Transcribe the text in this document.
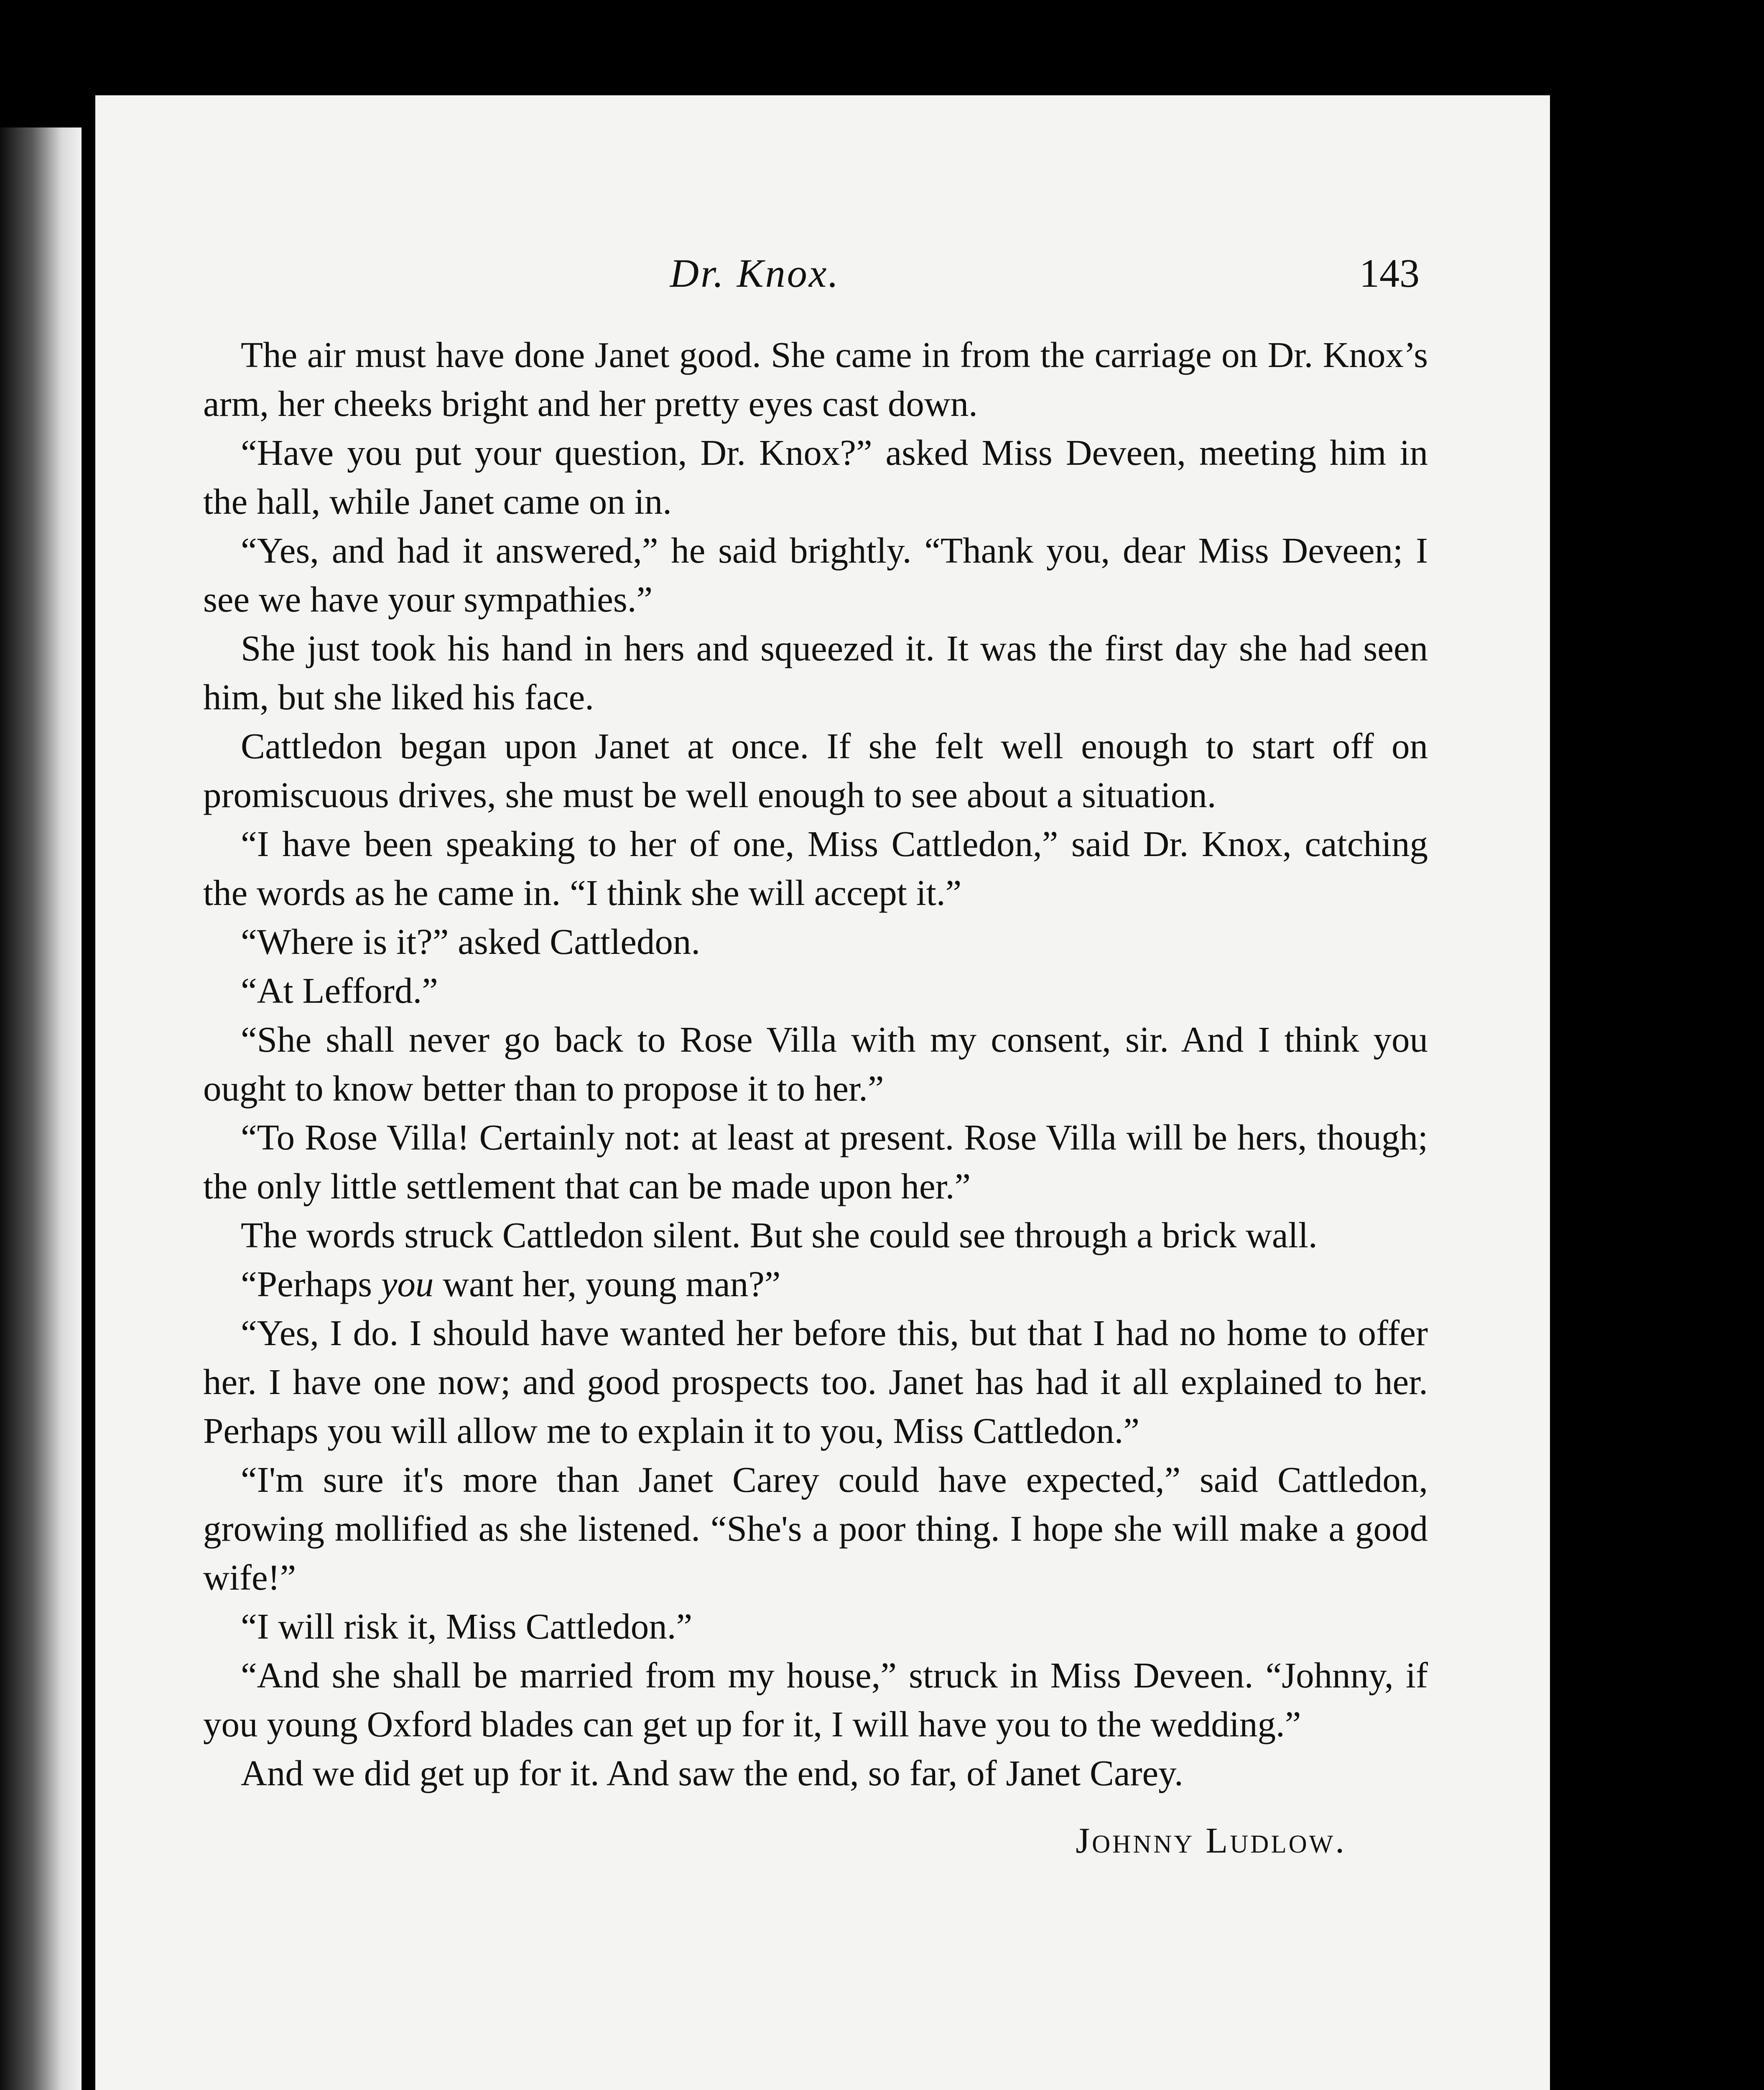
Dr. Knox.	143

The air must have done Janet good. She came in from the carriage on Dr. Knox’s arm, her cheeks bright and her pretty eyes cast down.

“Have you put your question, Dr. Knox?” asked Miss Deveen, meeting him in the hall, while Janet came on in.

“Yes, and had it answered,” he said brightly. “Thank you, dear Miss Deveen; I see we have your sympathies.”

She just took his hand in hers and squeezed it. It was the first day she had seen him, but she liked his face.

Cattledon began upon Janet at once. If she felt well enough to start off on promiscuous drives, she must be well enough to see about a situation.

“I have been speaking to her of one, Miss Cattledon,” said Dr. Knox, catching the words as he came in. “I think she will accept it.”

“Where is it?” asked Cattledon.

“At Lefford.”

“She shall never go back to Rose Villa with my consent, sir. And I think you ought to know better than to propose it to her.”

“To Rose Villa! Certainly not: at least at present. Rose Villa will be hers, though; the only little settlement that can be made upon her.”

The words struck Cattledon silent. But she could see through a brick wall.

“Perhaps you want her, young man?”

“Yes, I do. I should have wanted her before this, but that I had no home to offer her. I have one now; and good prospects too. Janet has had it all explained to her. Perhaps you will allow me to explain it to you, Miss Cattledon.”

“I'm sure it's more than Janet Carey could have expected,” said Cattledon, growing mollified as she listened. “She's a poor thing. I hope she will make a good wife!”

“I will risk it, Miss Cattledon.”

“And she shall be married from my house,” struck in Miss Deveen. “Johnny, if you young Oxford blades can get up for it, I will have you to the wedding.”

And we did get up for it. And saw the end, so far, of Janet Carey.

Johnny Ludlow.
